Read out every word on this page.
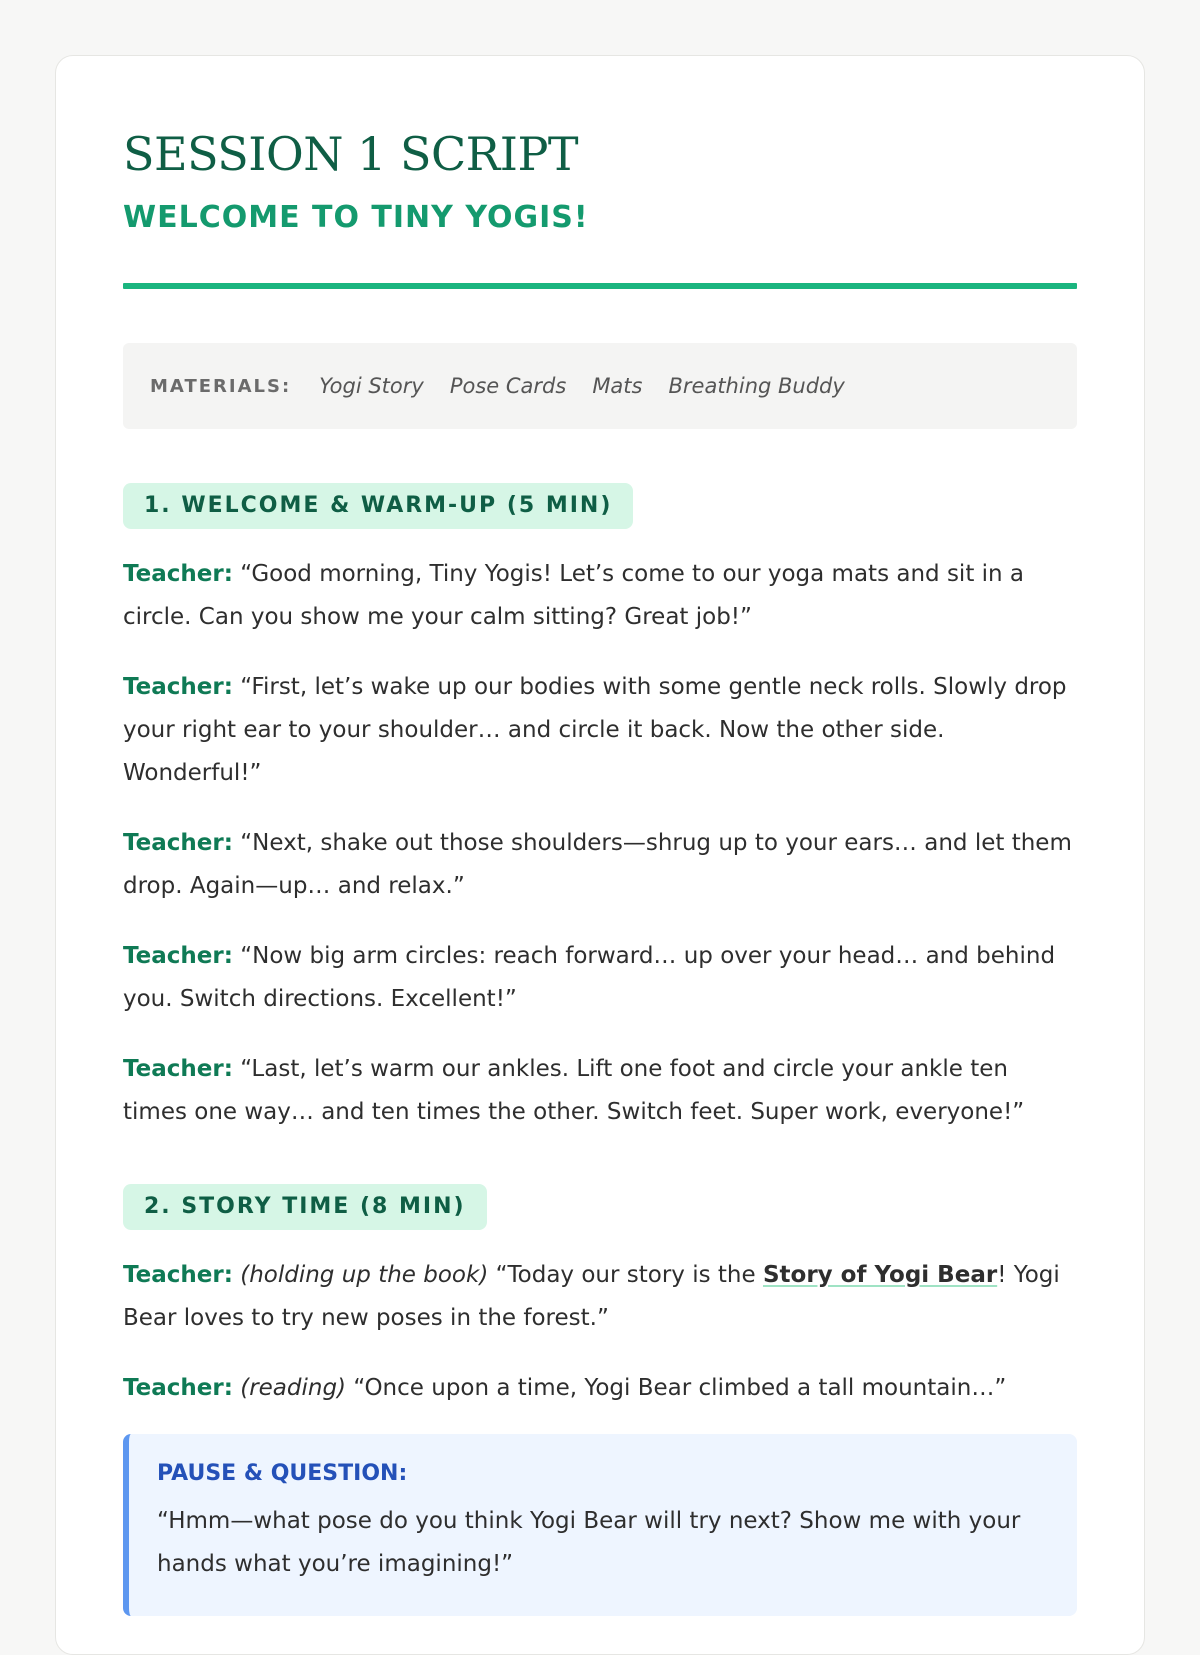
SESSION 1 SCRIPT
WELCOME TO TINY YOGIS!
MATERIALS: Yogi Story Pose Cards Mats Breathing Buddy
1. WELCOME & WARM-UP (5 MIN)

Teacher: “Good morning, Tiny Yogis! Let’s come to our yoga mats and sit in a circle. Can you show me your calm sitting? Great job!”

Teacher: “First, let’s wake up our bodies with some gentle neck rolls. Slowly drop your right ear to your shoulder… and circle it back. Now the other side. Wonderful!”

Teacher: “Next, shake out those shoulders—shrug up to your ears… and let them drop. Again—up… and relax.”

Teacher: “Now big arm circles: reach forward… up over your head… and behind you. Switch directions. Excellent!”

Teacher: “Last, let’s warm our ankles. Lift one foot and circle your ankle ten times one way… and ten times the other. Switch feet. Super work, everyone!”

2. STORY TIME (8 MIN)

Teacher: (holding up the book) “Today our story is the Story of Yogi Bear! Yogi Bear loves to try new poses in the forest.”

Teacher: (reading) “Once upon a time, Yogi Bear climbed a tall mountain…”

PAUSE & QUESTION:
“Hmm—what pose do you think Yogi Bear will try next? Show me with your hands what you’re imagining!”
